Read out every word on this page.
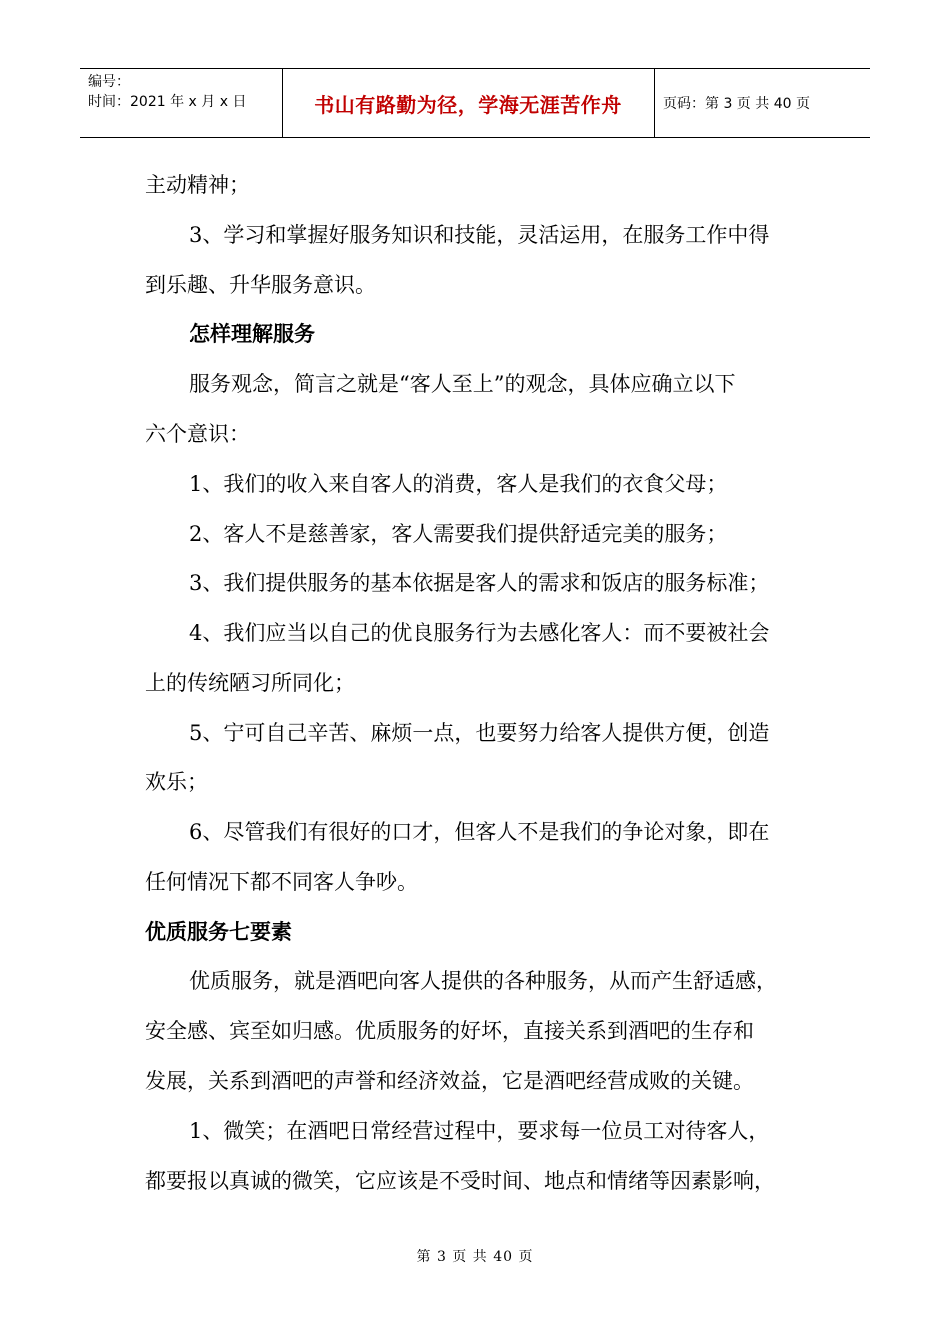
编号：
时间：2021 年 x 月 x 日	书山有路勤为径，学海无涯苦作舟	页码：第 3 页 共 40 页
主动精神；
3、学习和掌握好服务知识和技能，灵活运用，在服务工作中得
到乐趣、升华服务意识。
怎样理解服务
服务观念，简言之就是“客人至上”的观念，具体应确立以下
六个意识：
1、我们的收入来自客人的消费，客人是我们的衣食父母；
2、客人不是慈善家，客人需要我们提供舒适完美的服务；
3、我们提供服务的基本依据是客人的需求和饭店的服务标准；
4、我们应当以自己的优良服务行为去感化客人：而不要被社会
上的传统陋习所同化；
5、宁可自己辛苦、麻烦一点，也要努力给客人提供方便，创造
欢乐；
6、尽管我们有很好的口才，但客人不是我们的争论对象，即在
任何情况下都不同客人争吵。
优质服务七要素
优质服务，就是酒吧向客人提供的各种服务，从而产生舒适感，
安全感、宾至如归感。优质服务的好坏，直接关系到酒吧的生存和
发展，关系到酒吧的声誉和经济效益，它是酒吧经营成败的关键。
1、微笑；在酒吧日常经营过程中，要求每一位员工对待客人，
都要报以真诚的微笑，它应该是不受时间、地点和情绪等因素影响，
第 3 页 共 40 页
